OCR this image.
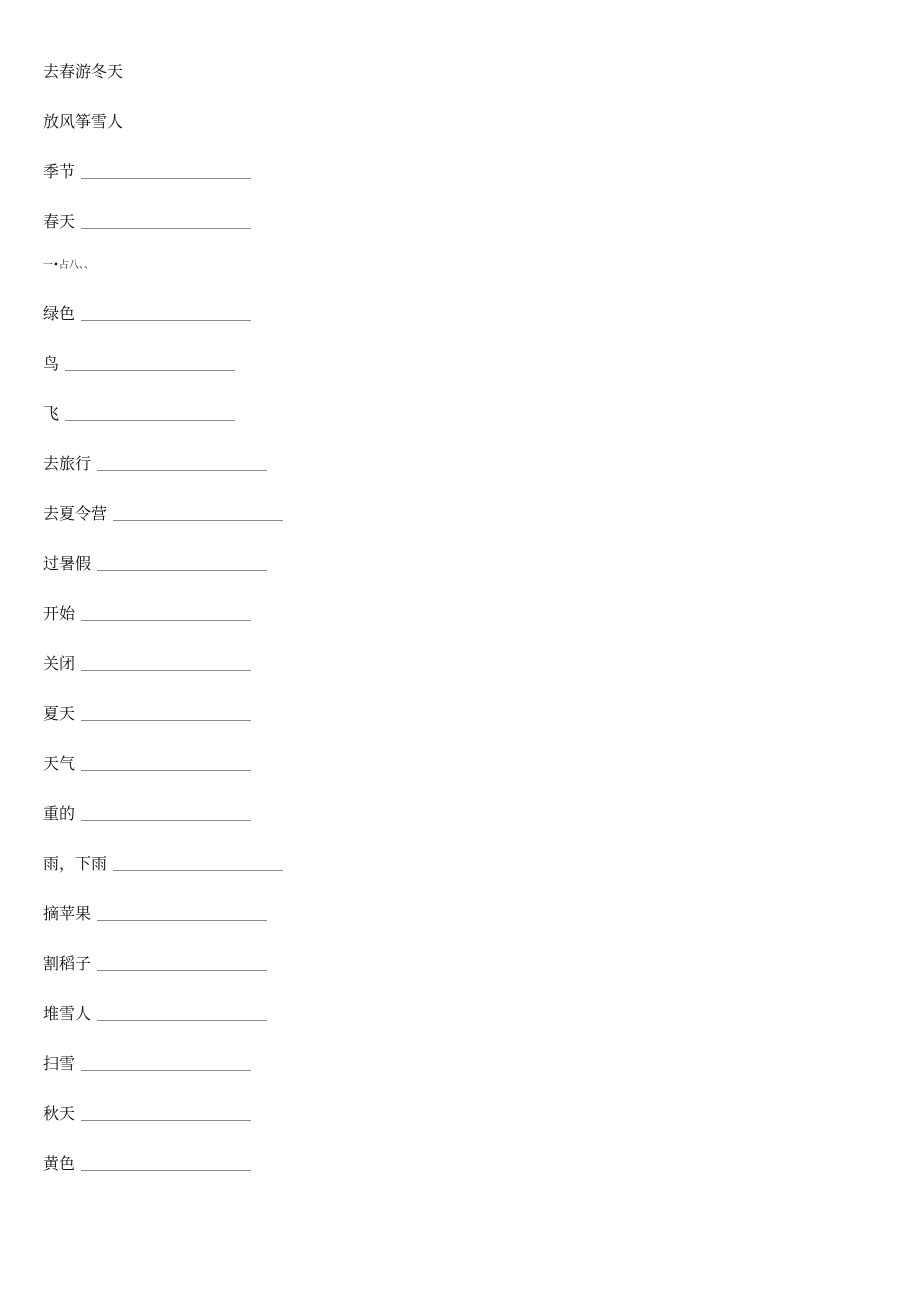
去春游冬天
放风筝雪人
季节
春天
一•占八、、
绿色
鸟
飞
去旅行
去夏令营
过暑假
开始
关闭
夏天
天气
重的
雨，下雨
摘苹果
割稻子
堆雪人
扫雪
秋天
黄色
